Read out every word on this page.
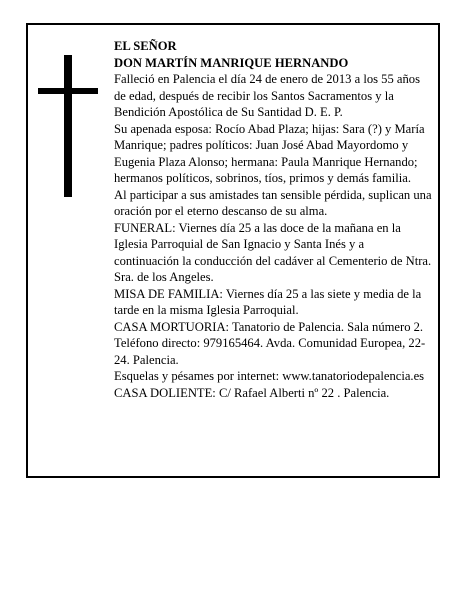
EL SEÑOR

DON MARTÍN MANRIQUE HERNANDO

Falleció en Palencia el día 24 de enero de 2013 a los 55 años de edad, después de recibir los Santos Sacramentos y la Bendición Apostólica de Su Santidad D. E. P.

Su apenada esposa: Rocío Abad Plaza; hijas: Sara (?) y María Manrique; padres políticos: Juan José Abad Mayordomo y Eugenia Plaza Alonso; hermana: Paula Manrique Hernando; hermanos políticos, sobrinos, tíos, primos y demás familia.

Al participar a sus amistades tan sensible pérdida, suplican una oración por el eterno descanso de su alma.

FUNERAL: Viernes día 25 a las doce de la mañana en la Iglesia Parroquial de San Ignacio y Santa Inés y a continuación la conducción del cadáver al Cementerio de Ntra. Sra. de los Angeles.

MISA DE FAMILIA: Viernes día 25 a las siete y media de la tarde en la misma Iglesia Parroquial.

CASA MORTUORIA: Tanatorio de Palencia. Sala número 2. Teléfono directo: 979165464. Avda. Comunidad Europea, 22-24. Palencia.

Esquelas y pésames por internet: www.tanatoriodepalencia.es

CASA DOLIENTE: C/ Rafael Alberti nº 22 . Palencia.
